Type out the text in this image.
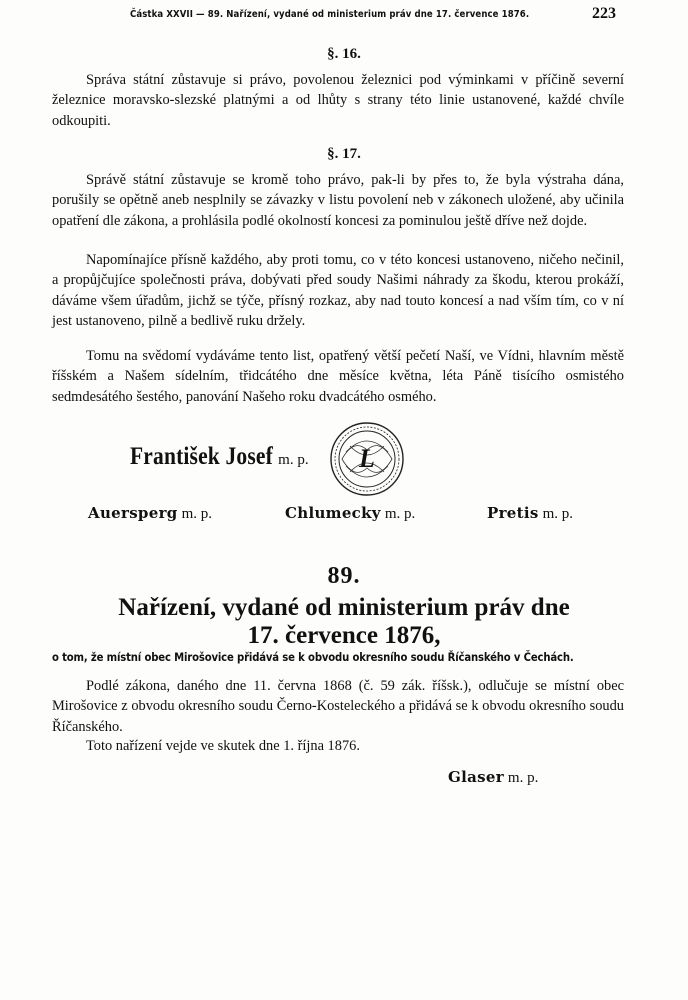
Částka XXVII — 89. Nařízení, vydané od ministerium práv dne 17. července 1876.	223
§. 16.

Správa státní zůstavuje si právo, povolenou železnici pod výminkami v příčině severní železnice moravsko-slezské platnými a od lhůty s strany této linie ustanovené, každé chvíle odkoupiti.

§. 17.

Správě státní zůstavuje se kromě toho právo, pak-li by přes to, že byla výstraha dána, porušily se opětně aneb nesplnily se závazky v listu povolení neb v zákonech uložené, aby učinila opatření dle zákona, a prohlásila podlé okolností koncesi za pominulou ještě dříve než dojde.

Napomínajíce přísně každého, aby proti tomu, co v této koncesi ustanoveno, ničeho nečinil, a propůjčujíce společnosti práva, dobývati před soudy Našimi náhrady za škodu, kterou prokáží, dáváme všem úřadům, jichž se týče, přísný rozkaz, aby nad touto koncesí a nad vším tím, co v ní jest ustanoveno, pilně a bedlivě ruku držely.

Tomu na svědomí vydáváme tento list, opatřený větší pečetí Naší, ve Vídni, hlavním městě říšském a Našem sídelním, třidcátého dne měsíce května, léta Páně tisícího osmistého sedmdesátého šestého, panování Našeho roku dvadcátého osmého.

František Josef m. p. L
Auersperg m. p.	Chlumecky m. p.	Pretis m. p.
89.
Nařízení, vydané od ministerium práv dne
17. července 1876,
o tom, že místní obec Mirošovice přidává se k obvodu okresního soudu Říčanského v Čechách.

Podlé zákona, daného dne 11. června 1868 (č. 59 zák. říšsk.), odlučuje se místní obec Mirošovice z obvodu okresního soudu Černo-Kosteleckého a přidává se k obvodu okresního soudu Říčanského.

Toto nařízení vejde ve skutek dne 1. října 1876.

Glaser m. p.
